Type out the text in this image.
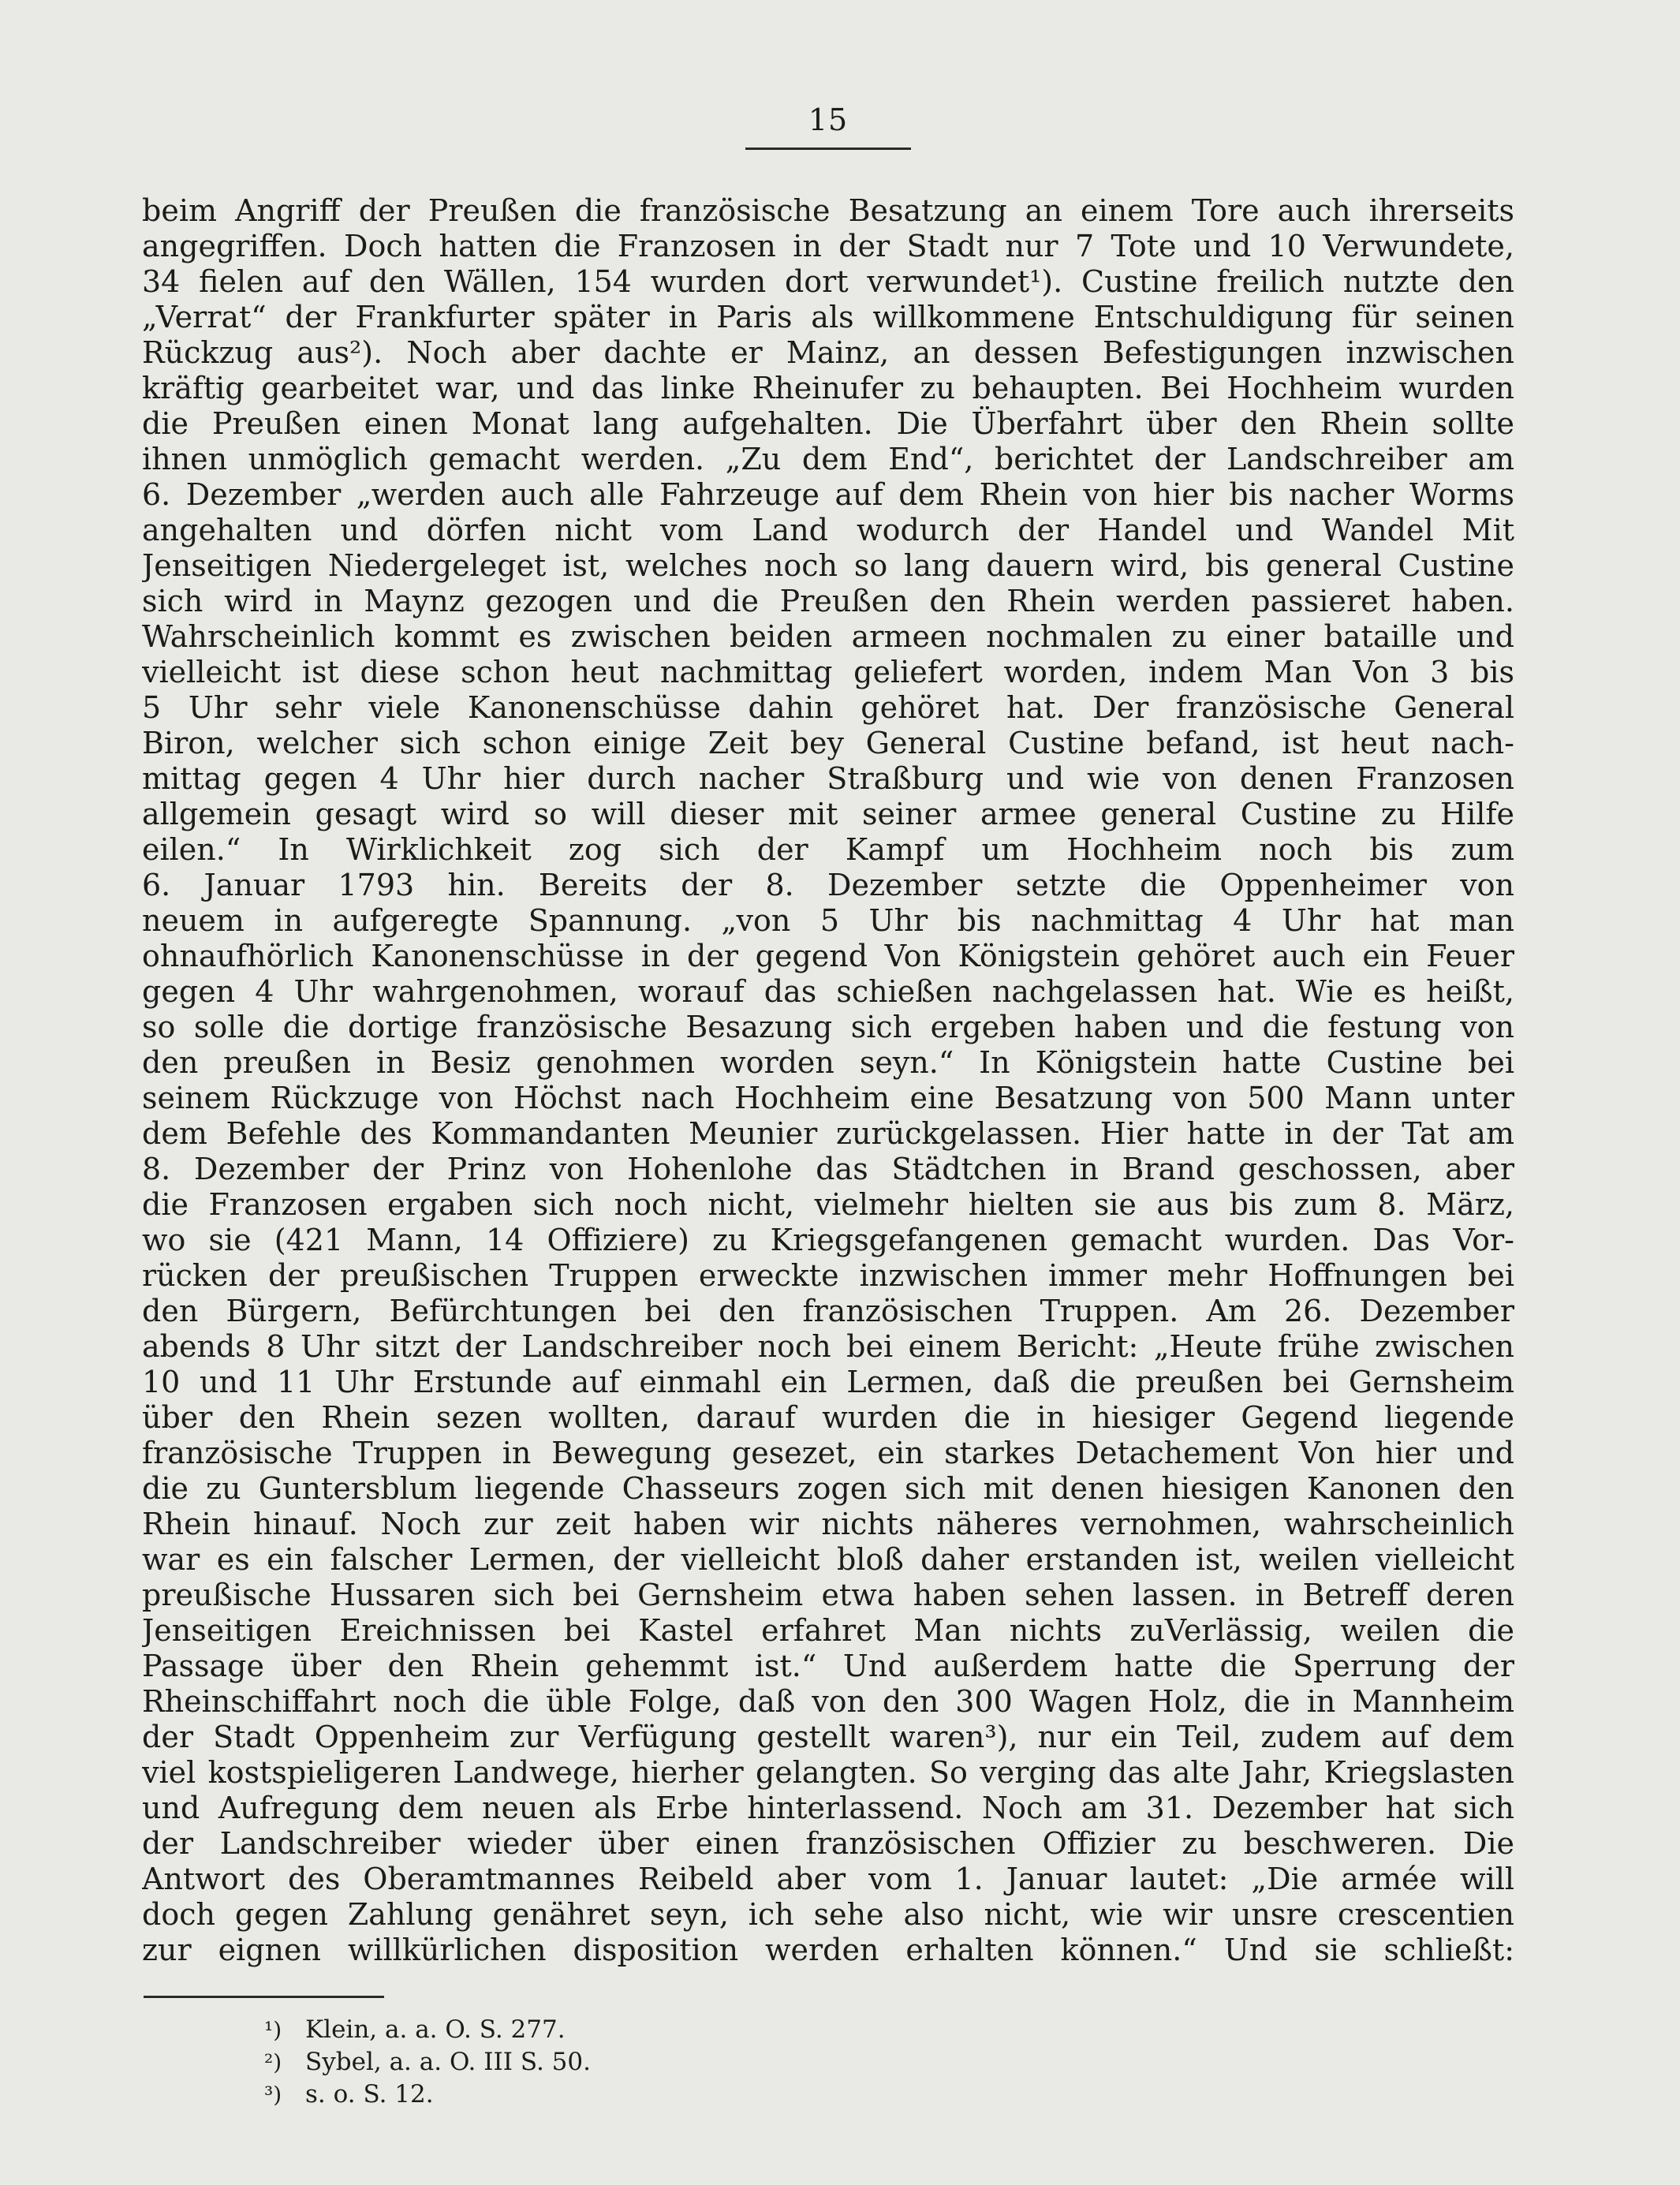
15
beim Angriff der Preußen die französische Besatzung an einem Tore auch ihrerseits
angegriffen. Doch hatten die Franzosen in der Stadt nur 7 Tote und 10 Verwundete,
34 fielen auf den Wällen, 154 wurden dort verwundet¹). Custine freilich nutzte den
„Verrat“ der Frankfurter später in Paris als willkommene Entschuldigung für seinen
Rückzug aus²). Noch aber dachte er Mainz, an dessen Befestigungen inzwischen
kräftig gearbeitet war, und das linke Rheinufer zu behaupten. Bei Hochheim wurden
die Preußen einen Monat lang aufgehalten. Die Überfahrt über den Rhein sollte
ihnen unmöglich gemacht werden. „Zu dem End“, berichtet der Landschreiber am
6. Dezember „werden auch alle Fahrzeuge auf dem Rhein von hier bis nacher Worms
angehalten und dörfen nicht vom Land wodurch der Handel und Wandel Mit
Jenseitigen Niedergeleget ist, welches noch so lang dauern wird, bis general Custine
sich wird in Maynz gezogen und die Preußen den Rhein werden passieret haben.
Wahrscheinlich kommt es zwischen beiden armeen nochmalen zu einer bataille und
vielleicht ist diese schon heut nachmittag geliefert worden, indem Man Von 3 bis
5 Uhr sehr viele Kanonenschüsse dahin gehöret hat. Der französische General
Biron, welcher sich schon einige Zeit bey General Custine befand, ist heut nach-
mittag gegen 4 Uhr hier durch nacher Straßburg und wie von denen Franzosen
allgemein gesagt wird so will dieser mit seiner armee general Custine zu Hilfe
eilen.“ In Wirklichkeit zog sich der Kampf um Hochheim noch bis zum
6. Januar 1793 hin. Bereits der 8. Dezember setzte die Oppenheimer von
neuem in aufgeregte Spannung. „von 5 Uhr bis nachmittag 4 Uhr hat man
ohnaufhörlich Kanonenschüsse in der gegend Von Königstein gehöret auch ein Feuer
gegen 4 Uhr wahrgenohmen, worauf das schießen nachgelassen hat. Wie es heißt,
so solle die dortige französische Besazung sich ergeben haben und die festung von
den preußen in Besiz genohmen worden seyn.“ In Königstein hatte Custine bei
seinem Rückzuge von Höchst nach Hochheim eine Besatzung von 500 Mann unter
dem Befehle des Kommandanten Meunier zurückgelassen. Hier hatte in der Tat am
8. Dezember der Prinz von Hohenlohe das Städtchen in Brand geschossen, aber
die Franzosen ergaben sich noch nicht, vielmehr hielten sie aus bis zum 8. März,
wo sie (421 Mann, 14 Offiziere) zu Kriegsgefangenen gemacht wurden. Das Vor-
rücken der preußischen Truppen erweckte inzwischen immer mehr Hoffnungen bei
den Bürgern, Befürchtungen bei den französischen Truppen. Am 26. Dezember
abends 8 Uhr sitzt der Landschreiber noch bei einem Bericht: „Heute frühe zwischen
10 und 11 Uhr Erstunde auf einmahl ein Lermen, daß die preußen bei Gernsheim
über den Rhein sezen wollten, darauf wurden die in hiesiger Gegend liegende
französische Truppen in Bewegung gesezet, ein starkes Detachement Von hier und
die zu Guntersblum liegende Chasseurs zogen sich mit denen hiesigen Kanonen den
Rhein hinauf. Noch zur zeit haben wir nichts näheres vernohmen, wahrscheinlich
war es ein falscher Lermen, der vielleicht bloß daher erstanden ist, weilen vielleicht
preußische Hussaren sich bei Gernsheim etwa haben sehen lassen. in Betreff deren
Jenseitigen Ereichnissen bei Kastel erfahret Man nichts zuVerlässig, weilen die
Passage über den Rhein gehemmt ist.“ Und außerdem hatte die Sperrung der
Rheinschiffahrt noch die üble Folge, daß von den 300 Wagen Holz, die in Mannheim
der Stadt Oppenheim zur Verfügung gestellt waren³), nur ein Teil, zudem auf dem
viel kostspieligeren Landwege, hierher gelangten. So verging das alte Jahr, Kriegslasten
und Aufregung dem neuen als Erbe hinterlassend. Noch am 31. Dezember hat sich
der Landschreiber wieder über einen französischen Offizier zu beschweren. Die
Antwort des Oberamtmannes Reibeld aber vom 1. Januar lautet: „Die armée will
doch gegen Zahlung genähret seyn, ich sehe also nicht, wie wir unsre crescentien
zur eignen willkürlichen disposition werden erhalten können.“ Und sie schließt:
¹) Klein, a. a. O. S. 277.
²) Sybel, a. a. O. III S. 50.
³) s. o. S. 12.
